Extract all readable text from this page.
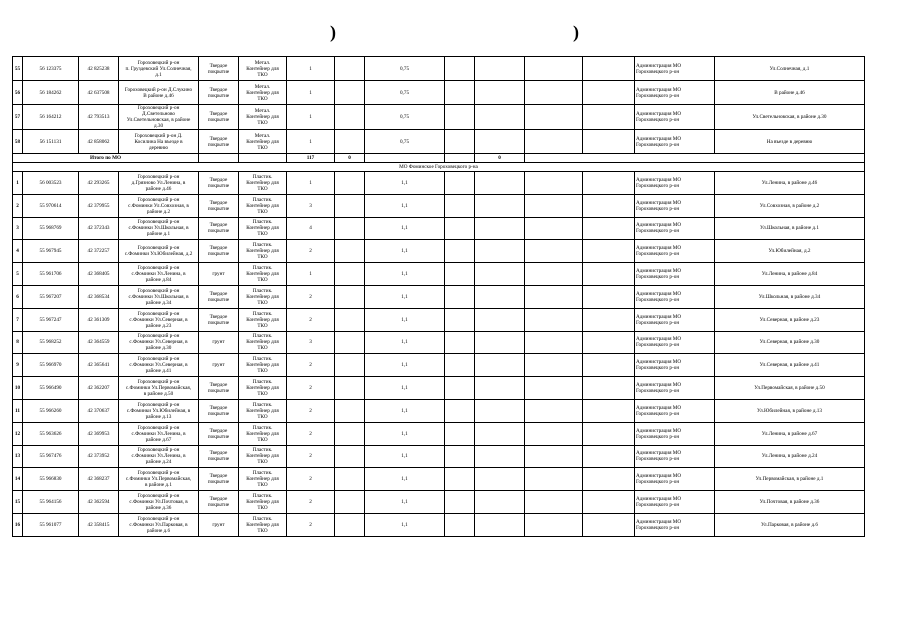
)	)
55	56 123375	42 825238	Гороховецкий р-он
п. Груздевский Ул.Солнечная,
д.1	Твердое покрытие	Метал.
Контейнер для
ТКО	1		0,75					Администрация МО
Гороховецкого р-он	Ул.Солнечная, д.1
56	56 184262	42 637508	Гороховецкий р-он Д.Слукино
В районе д.46	Твердое покрытие	Метал.
Контейнер для
ТКО	1		0,75					Администрация МО
Гороховецкого р-он	В районе д.46
57	56 164212	42 793513	Гороховецкий р-он
Д.Светельново
Ул.Светельновская, в районе
д.30	Твердое покрытие	Метал.
Контейнер для
ТКО	1		0,75					Администрация МО
Гороховецкого р-он	Ул.Светельновская, в районе д.30
58	56 151131	42 858062	Гороховецкий р-он Д.
Косилина На въезде в
деревню	Твердое покрытие	Метал.
Контейнер для
ТКО	1		0,75					Администрация МО
Гороховецкого р-он	На въезде в деревню
Итого по МО						117	0			0				
МО Фоминское Гороховецкого р-на														
1	56 003523	42 293265	Гороховецкий р-он
д.Грязново Ул.Ленина, в
районе д.46	Твердое
покрытие	Пластик.
Контейнер для
ТКО	1		1,1					Администрация МО
Гороховецкого р-он	Ул.Ленина, в районе д.46
2	55 970614	42 379955	Гороховецкий р-он
с.Фоминки Ул.Совхозная, в
районе д.2	Твердое
покрытие	Пластик.
Контейнер для
ТКО	3		1,1					Администрация МО
Гороховецкого р-он	Ул.Совхозная, в районе д.2
3	55 968769	42 372343	Гороховецкий р-он
с.Фоминки Ул.Школьная, в
районе д.1	Твердое
покрытие	Пластик.
Контейнер для
ТКО	4		1,1					Администрация МО
Гороховецкого р-он	Ул.Школьная, в районе д.1
4	55 967945	42 372257	Гороховецкий р-он
с.Фоминки Ул.Юбилейная, д.2	Твердое
покрытие	Пластик.
Контейнер для
ТКО	2		1,1					Администрация МО
Гороховецкого р-он	Ул.Юбилейная, д.2
5	55 961706	42 368405	Гороховецкий р-он
с.Фоминки Ул.Ленина, в
районе д.84	грунт	Пластик.
Контейнер для
ТКО	1		1,1					Администрация МО
Гороховецкого р-он	Ул.Ленина, в районе д.84
6	55 967207	42 368534	Гороховецкий р-он
с.Фоминки Ул.Школьная, в
районе д.34	Твердое
покрытие	Пластик.
Контейнер для
ТКО	2		1,1					Администрация МО
Гороховецкого р-он	Ул.Школьная, в районе д.34
7	55 967247	42 361309	Гороховецкий р-он
с.Фоминки Ул.Северная, в
районе д.23	Твердое
покрытие	Пластик.
Контейнер для
ТКО	2		1,1					Администрация МО
Гороховецкого р-он	Ул.Северная, в районе д.23
8	55 968252	42 364559	Гороховецкий р-он
с.Фоминки Ул.Северная, в
районе д.30	грунт	Пластик.
Контейнер для
ТКО	3		1,1					Администрация МО
Гороховецкого р-он	Ул.Северная, в районе д.30
9	55 966970	42 365641	Гороховецкий р-он
с.Фоминки Ул.Северная, в
районе д.41	грунт	Пластик.
Контейнер для
ТКО	2		1,1					Администрация МО
Гороховецкого р-он	Ул.Северная, в районе д.41
10	55 966490	42 362207	Гороховецкий р-он
с.Фоминки Ул.Первомайская,
в районе д.50	Твердое
покрытие	Пластик.
Контейнер для
ТКО	2		1,1					Администрация МО
Гороховецкого р-он	Ул.Первомайская, в районе д.50
11	55 966260	42 370637	Гороховецкий р-он
с.Фоминки Ул.Юбилейная, в
районе д.13	Твердое
покрытие	Пластик.
Контейнер для
ТКО	2		1,1					Администрация МО
Гороховецкого р-он	Ул.Юбилейная, в районе д.13
12	55 963626	42 369953	Гороховецкий р-он
с.Фоминки Ул.Ленина, в
районе д.67	Твердое
покрытие	Пластик.
Контейнер для
ТКО	2		1,1					Администрация МО
Гороховецкого р-он	Ул.Ленина, в районе д.67
13	55 967476	42 373952	Гороховецкий р-он
с.Фоминки Ул.Ленина, в
районе д.24	Твердое
покрытие	Пластик.
Контейнер для
ТКО	2		1,1					Администрация МО
Гороховецкого р-он	Ул.Ленина, в районе д.24
14	55 966830	42 368237	Гороховецкий р-он
с.Фоминки Ул.Первомайская,
в районе д.1	Твердое
покрытие	Пластик.
Контейнер для
ТКО	2		1,1					Администрация МО
Гороховецкого р-он	Ул.Первомайская, в районе д.1
15	55 964156	42 362594	Гороховецкий р-он
с.Фоминки Ул.Почтовая, в
районе д.36	Твердое
покрытие	Пластик.
Контейнер для
ТКО	2		1,1					Администрация МО
Гороховецкого р-он	Ул.Почтовая, в районе д.36
16	55 961077	42 358415	Гороховецкий р-он
с.Фоминки Ул.Парковая, в
районе д.6	грунт	Пластик.
Контейнер для
ТКО	2		1,1					Администрация МО
Гороховецкого р-он	Ул.Парковая, в районе д.6
